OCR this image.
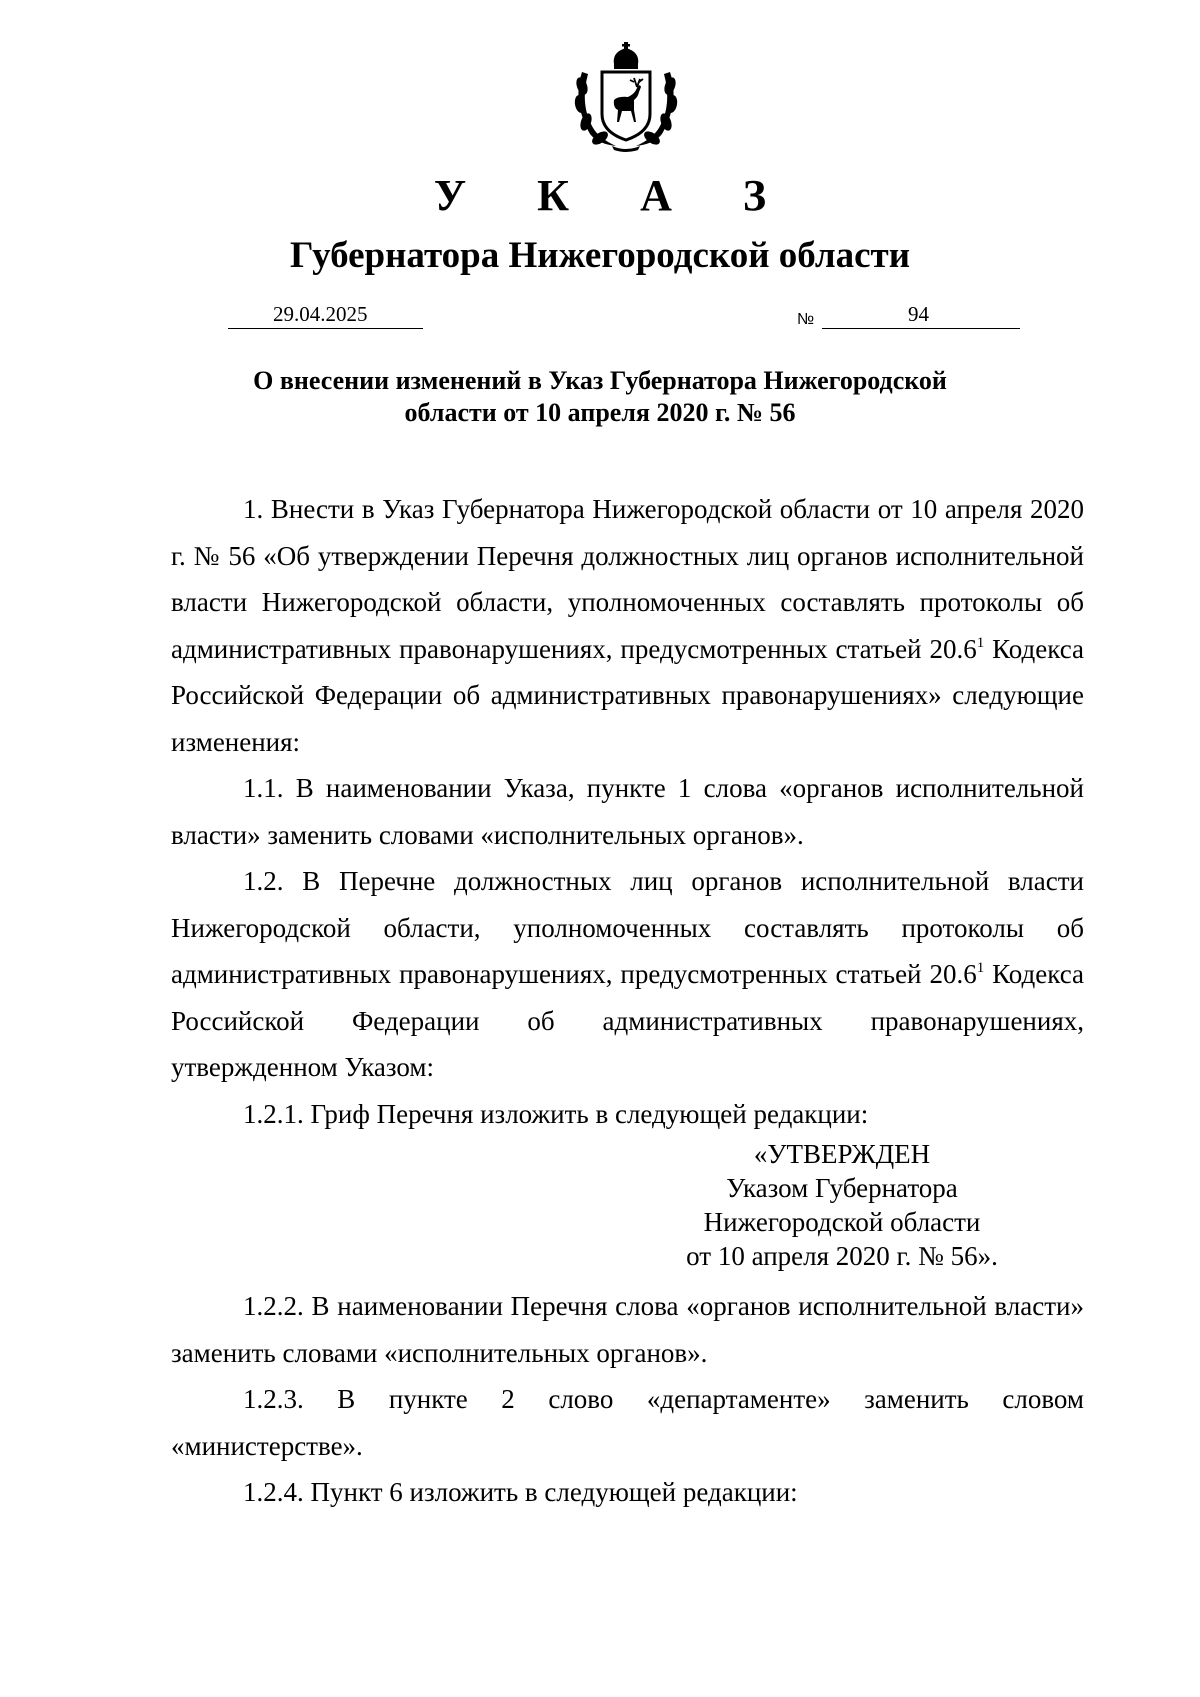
У К А З
Губернатора Нижегородской области
29.04.2025	№	94
О внесении изменений в Указ Губернатора Нижегородской
области от 10 апреля 2020 г. № 56

1. Внести в Указ Губернатора Нижегородской области от 10 апреля 2020 г. № 56 «Об утверждении Перечня должностных лиц органов исполнительной власти Нижегородской области, уполномоченных составлять протоколы об административных правонарушениях, предусмотренных статьей 20.6$^1$ Кодекса Российской Федерации об административных правонарушениях» следующие изменения:

1.1. В наименовании Указа, пункте 1 слова «органов исполнительной власти» заменить словами «исполнительных органов».

1.2. В Перечне должностных лиц органов исполнительной власти Нижегородской области, уполномоченных составлять протоколы об административных правонарушениях, предусмотренных статьей 20.6$^1$ Кодекса Российской Федерации об административных правонарушениях, утвержденном Указом:

1.2.1. Гриф Перечня изложить в следующей редакции:

«УТВЕРЖДЕН
Указом Губернатора
Нижегородской области
от 10 апреля 2020 г. № 56».

1.2.2. В наименовании Перечня слова «органов исполнительной власти» заменить словами «исполнительных органов».

1.2.3. В пункте 2 слово «департаменте» заменить словом «министерстве».

1.2.4. Пункт 6 изложить в следующей редакции:
